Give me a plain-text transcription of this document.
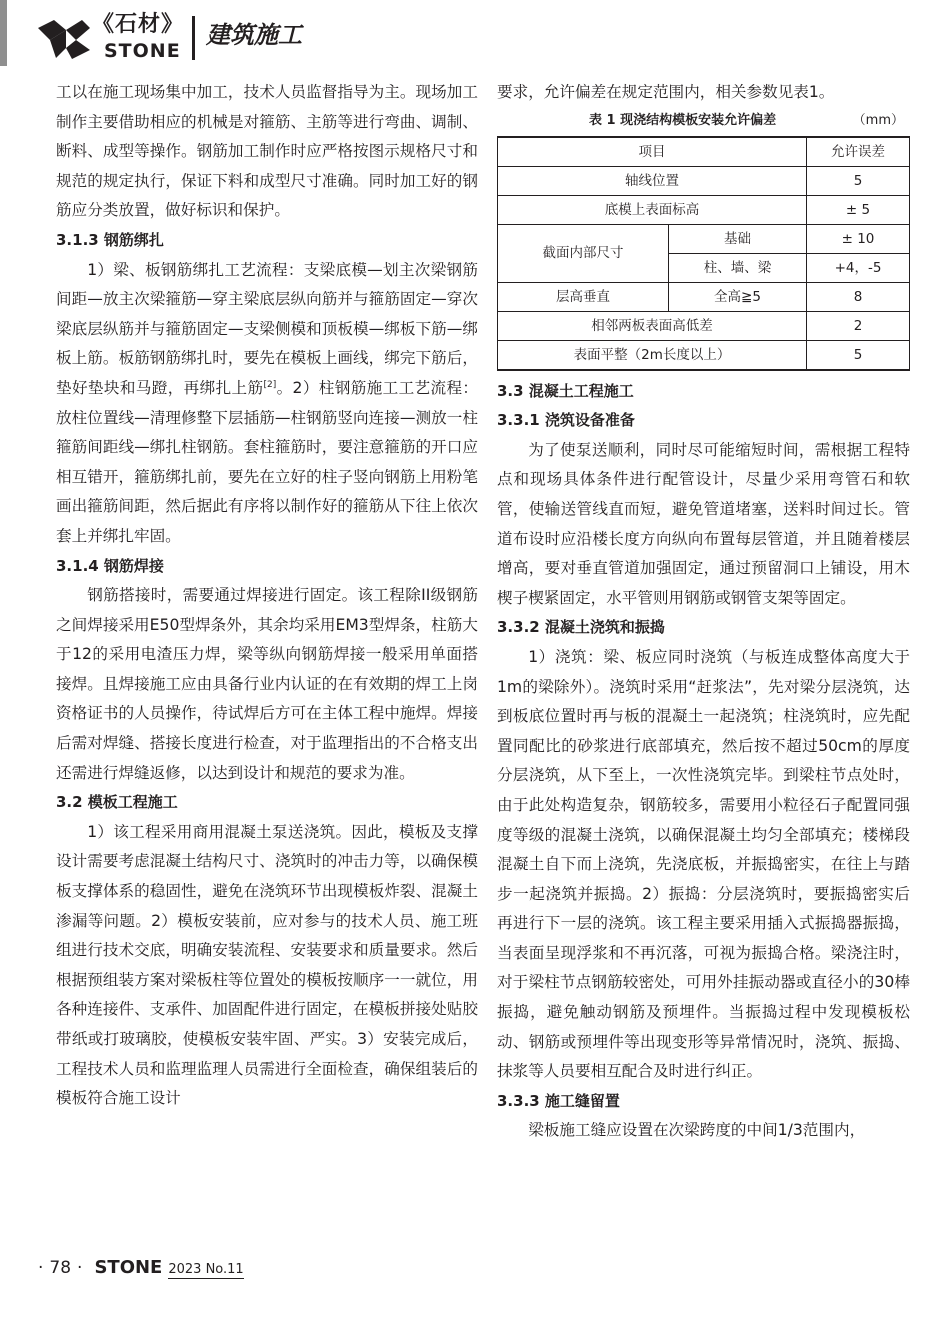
《石材》
STONE
建筑施工

工以在施工现场集中加工，技术人员监督指导为主。现场加工制作主要借助相应的机械是对箍筋、主筋等进行弯曲、调制、断料、成型等操作。钢筋加工制作时应严格按图示规格尺寸和规范的规定执行，保证下料和成型尺寸准确。同时加工好的钢筋应分类放置，做好标识和保护。

3.1.3 钢筋绑扎

1）梁、板钢筋绑扎工艺流程：支梁底模—划主次梁钢筋间距—放主次梁箍筋—穿主梁底层纵向筋并与箍筋固定—穿次梁底层纵筋并与箍筋固定—支梁侧模和顶板模—绑板下筋—绑板上筋。板筋钢筋绑扎时，要先在模板上画线，绑完下筋后，垫好垫块和马蹬，再绑扎上筋[2]。2）柱钢筋施工工艺流程：放柱位置线—清理修整下层插筋—柱钢筋竖向连接—测放一柱箍筋间距线—绑扎柱钢筋。套柱箍筋时，要注意箍筋的开口应相互错开，箍筋绑扎前，要先在立好的柱子竖向钢筋上用粉笔画出箍筋间距，然后据此有序将以制作好的箍筋从下往上依次套上并绑扎牢固。

3.1.4 钢筋焊接

钢筋搭接时，需要通过焊接进行固定。该工程除II级钢筋之间焊接采用E50型焊条外，其余均采用EM3型焊条，柱筋大于12的采用电渣压力焊，梁等纵向钢筋焊接一般采用单面搭接焊。且焊接施工应由具备行业内认证的在有效期的焊工上岗资格证书的人员操作，待试焊后方可在主体工程中施焊。焊接后需对焊缝、搭接长度进行检查，对于监理指出的不合格支出还需进行焊缝返修，以达到设计和规范的要求为准。

3.2 模板工程施工

1）该工程采用商用混凝土泵送浇筑。因此，模板及支撑设计需要考虑混凝土结构尺寸、浇筑时的冲击力等，以确保模板支撑体系的稳固性，避免在浇筑环节出现模板炸裂、混凝土渗漏等问题。2）模板安装前，应对参与的技术人员、施工班组进行技术交底，明确安装流程、安装要求和质量要求。然后根据预组装方案对梁板柱等位置处的模板按顺序一一就位，用各种连接件、支承件、加固配件进行固定，在模板拼接处贴胶带纸或打玻璃胶，使模板安装牢固、严实。3）安装完成后，工程技术人员和监理监理人员需进行全面检查，确保组装后的模板符合施工设计

要求，允许偏差在规定范围内，相关参数见表1。

表 1 现浇结构模板安装允许偏差	（mm）
项目		允许误差
轴线位置		5
底模上表面标高		± 5
截面内部尺寸	基础	± 10
	柱、墙、梁	+4，-5
层高垂直	全高≧5	8
相邻两板表面高低差		2
表面平整（2m长度以上）		5
3.3 混凝土工程施工
3.3.1 浇筑设备准备

为了使泵送顺利，同时尽可能缩短时间，需根据工程特点和现场具体条件进行配管设计，尽量少采用弯管石和软管，使输送管线直而短，避免管道堵塞，送料时间过长。管道布设时应沿楼长度方向纵向布置每层管道，并且随着楼层增高，要对垂直管道加强固定，通过预留洞口上铺设，用木楔子楔紧固定，水平管则用钢筋或钢管支架等固定。

3.3.2 混凝土浇筑和振捣

1）浇筑：梁、板应同时浇筑（与板连成整体高度大于1m的梁除外）。浇筑时采用“赶浆法”，先对梁分层浇筑，达到板底位置时再与板的混凝土一起浇筑；柱浇筑时，应先配置同配比的砂浆进行底部填充，然后按不超过50cm的厚度分层浇筑，从下至上，一次性浇筑完毕。到梁柱节点处时，由于此处构造复杂，钢筋较多，需要用小粒径石子配置同强度等级的混凝土浇筑，以确保混凝土均匀全部填充；楼梯段混凝土自下而上浇筑，先浇底板，并振捣密实，在往上与踏步一起浇筑并振捣。2）振捣：分层浇筑时，要振捣密实后再进行下一层的浇筑。该工程主要采用插入式振捣器振捣，当表面呈现浮浆和不再沉落，可视为振捣合格。梁浇注时，对于梁柱节点钢筋较密处，可用外挂振动器或直径小的30棒振捣，避免触动钢筋及预埋件。当振捣过程中发现模板松动、钢筋或预埋件等出现变形等异常情况时，浇筑、振捣、抹浆等人员要相互配合及时进行纠正。

3.3.3 施工缝留置

梁板施工缝应设置在次梁跨度的中间1/3范围内，

· 78 · STONE 2023 No.11
